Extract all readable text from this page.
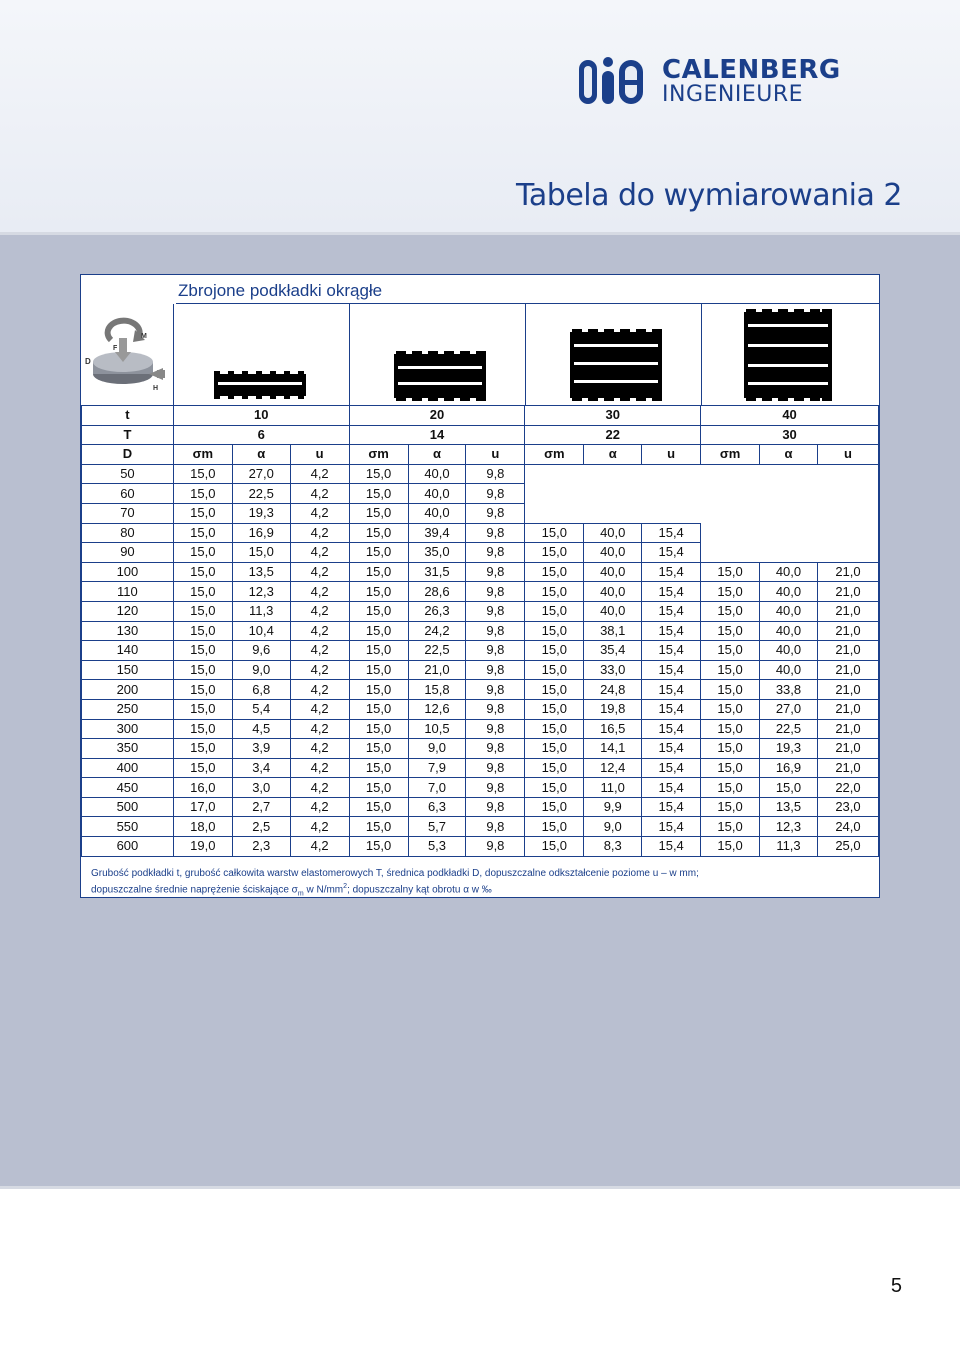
CALENBERG
INGENIEURE
Tabela do wymiarowania 2
Zbrojone podkładki okrągłe
M
F
D
H
t	10			20			30			40		
T	6			14			22			30		
D	σm	α	u	σm	α	u	σm	α	u	σm	α	u
50	15,0	27,0	4,2	15,0	40,0	9,8						
60	15,0	22,5	4,2	15,0	40,0	9,8						
70	15,0	19,3	4,2	15,0	40,0	9,8						
80	15,0	16,9	4,2	15,0	39,4	9,8	15,0	40,0	15,4			
90	15,0	15,0	4,2	15,0	35,0	9,8	15,0	40,0	15,4			
100	15,0	13,5	4,2	15,0	31,5	9,8	15,0	40,0	15,4	15,0	40,0	21,0
110	15,0	12,3	4,2	15,0	28,6	9,8	15,0	40,0	15,4	15,0	40,0	21,0
120	15,0	11,3	4,2	15,0	26,3	9,8	15,0	40,0	15,4	15,0	40,0	21,0
130	15,0	10,4	4,2	15,0	24,2	9,8	15,0	38,1	15,4	15,0	40,0	21,0
140	15,0	9,6	4,2	15,0	22,5	9,8	15,0	35,4	15,4	15,0	40,0	21,0
150	15,0	9,0	4,2	15,0	21,0	9,8	15,0	33,0	15,4	15,0	40,0	21,0
200	15,0	6,8	4,2	15,0	15,8	9,8	15,0	24,8	15,4	15,0	33,8	21,0
250	15,0	5,4	4,2	15,0	12,6	9,8	15,0	19,8	15,4	15,0	27,0	21,0
300	15,0	4,5	4,2	15,0	10,5	9,8	15,0	16,5	15,4	15,0	22,5	21,0
350	15,0	3,9	4,2	15,0	9,0	9,8	15,0	14,1	15,4	15,0	19,3	21,0
400	15,0	3,4	4,2	15,0	7,9	9,8	15,0	12,4	15,4	15,0	16,9	21,0
450	16,0	3,0	4,2	15,0	7,0	9,8	15,0	11,0	15,4	15,0	15,0	22,0
500	17,0	2,7	4,2	15,0	6,3	9,8	15,0	9,9	15,4	15,0	13,5	23,0
550	18,0	2,5	4,2	15,0	5,7	9,8	15,0	9,0	15,4	15,0	12,3	24,0
600	19,0	2,3	4,2	15,0	5,3	9,8	15,0	8,3	15,4	15,0	11,3	25,0
Grubość podkładki t, grubość całkowita warstw elastomerowych T, średnica podkładki D, dopuszczalne odkształcenie poziome u – w mm;
dopuszczalne średnie naprężenie ściskające $\sigma_m$ w $N/mm^2$; dopuszczalny kąt obrotu α w ‰
5
